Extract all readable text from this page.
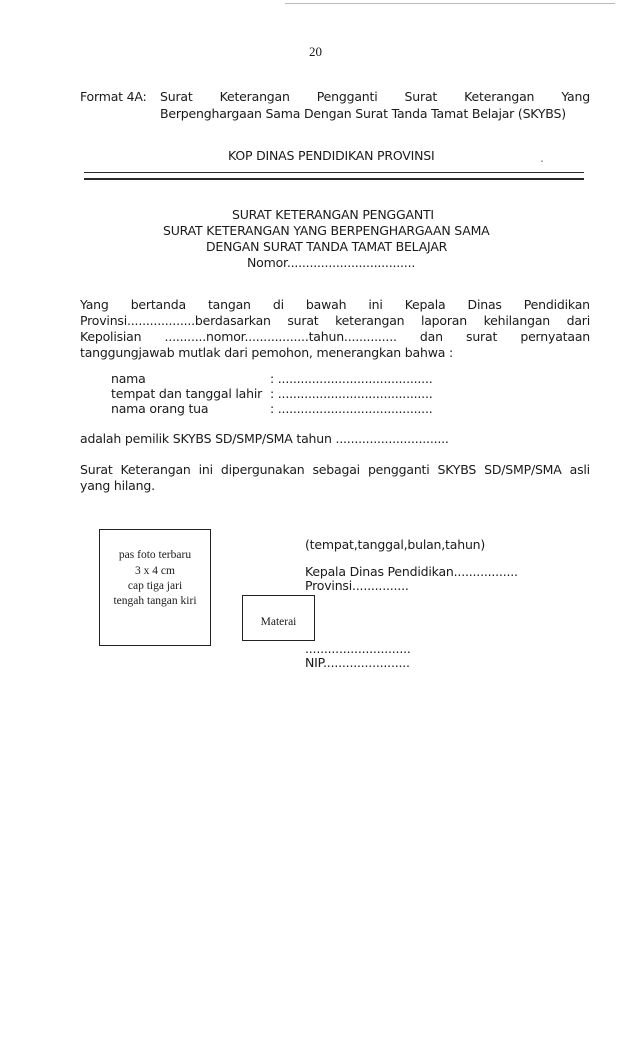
20
Format 4A: Surat Keterangan Pengganti Surat Keterangan Yang
Berpenghargaan Sama Dengan Surat Tanda Tamat Belajar (SKYBS)
KOP DINAS PENDIDIKAN PROVINSI	.
SURAT KETERANGAN PENGGANTI
SURAT KETERANGAN YANG BERPENGHARGAAN SAMA
DENGAN SURAT TANDA TAMAT BELAJAR
Nomor..................................
Yang bertanda tangan di bawah ini Kepala Dinas Pendidikan
Provinsi..................berdasarkan surat keterangan laporan kehilangan dari
Kepolisian ...........nomor.................tahun.............. dan surat pernyataan
tanggungjawab mutlak dari pemohon, menerangkan bahwa :
nama	: .........................................
tempat dan tanggal lahir : .........................................
nama orang tua	: .........................................
adalah pemilik SKYBS SD/SMP/SMA tahun ..............................
Surat Keterangan ini dipergunakan sebagai pengganti SKYBS SD/SMP/SMA asli
yang hilang.
pas foto terbaru
3 x 4 cm
cap tiga jari
tengah tangan kiri
(tempat,tanggal,bulan,tahun)
Kepala Dinas Pendidikan.................
Provinsi...............
Materai
............................
NIP.......................
